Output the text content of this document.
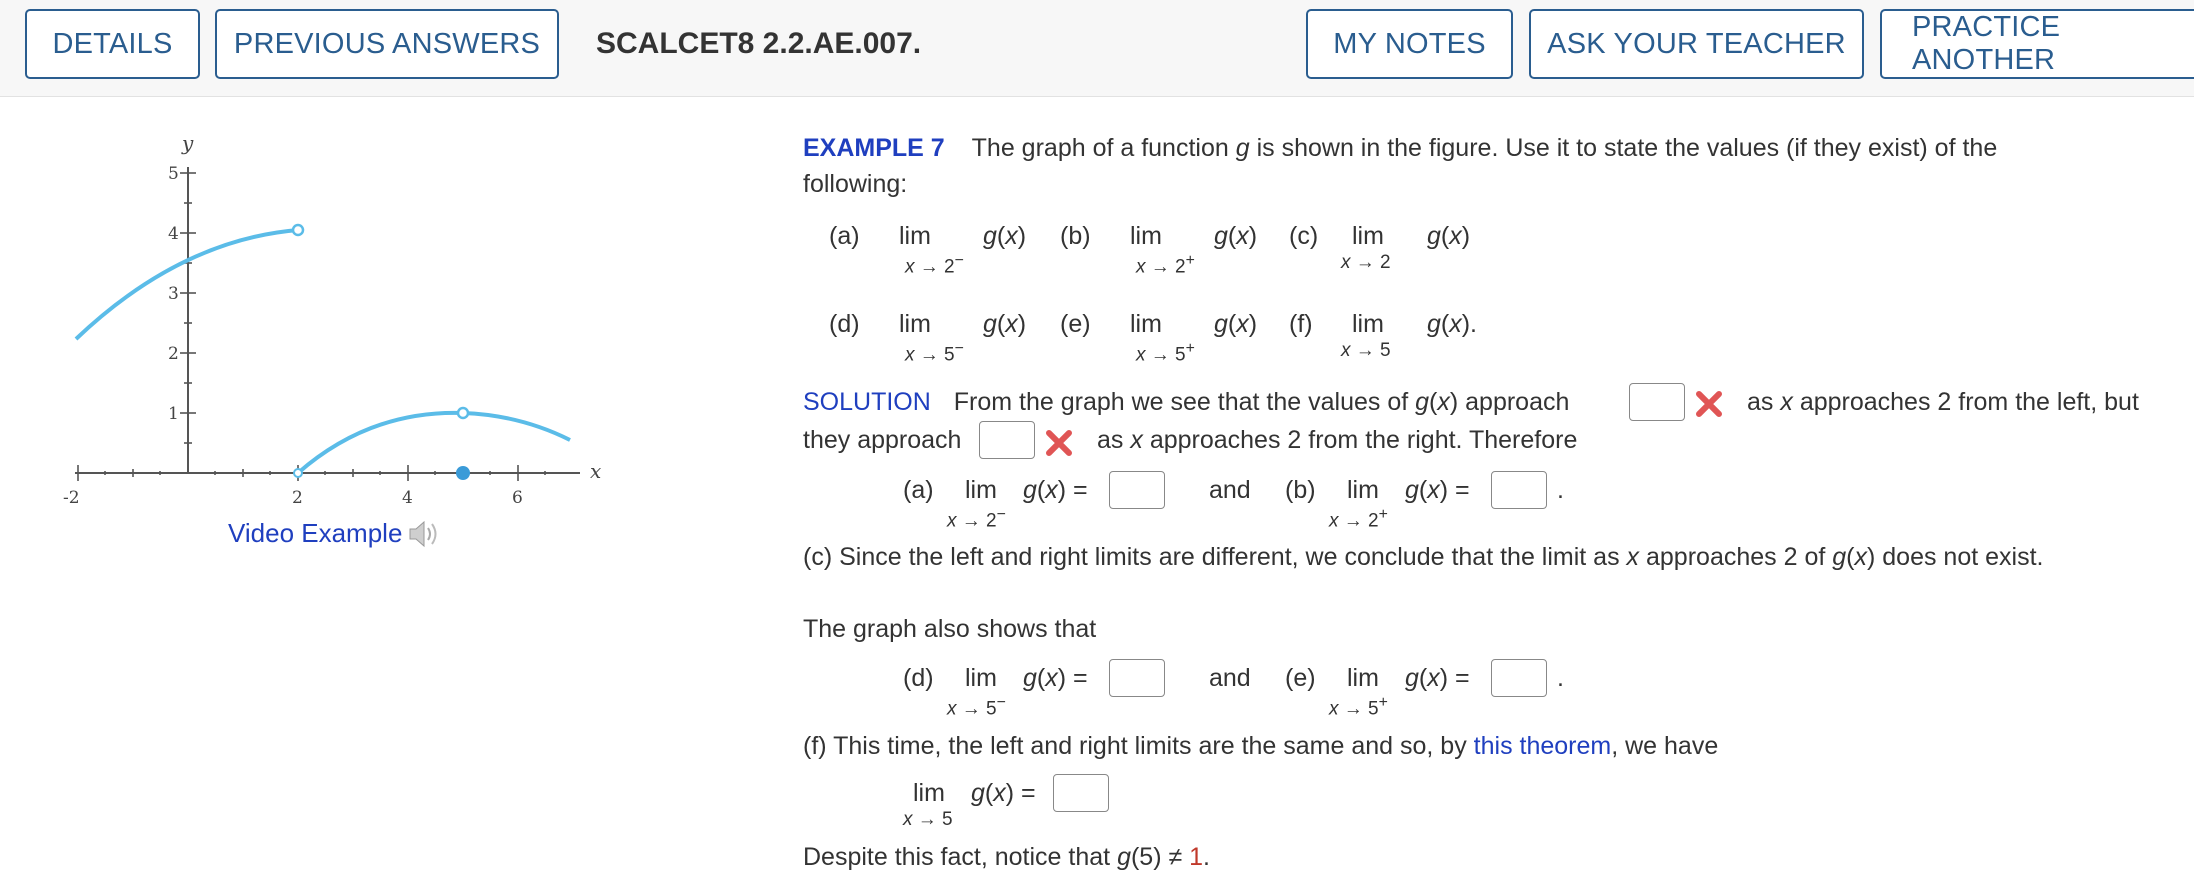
DETAILS	PREVIOUS ANSWERS	SCALCET8 2.2.AE.007.	MY NOTES	ASK YOUR TEACHER
PRACTICE ANOTHER
-2	2	4	6
1
2
3
4
5
y
x
Video Example
EXAMPLE 7 The graph of a function g is shown in the figure. Use it to state the values (if they exist) of the
following:
(a) lim
x → 2−
g(x) (b) lim
x → 2+
g(x) (c) lim
x → 2
g(x)
(d) lim
x → 5−
g(x) (e) lim
x → 5+
g(x) (f) lim
x → 5
g(x).
SOLUTION From the graph we see that the values of g(x) approach	as x approaches 2 from the left, but
they approach	as x approaches 2 from the right. Therefore
(a) lim
x → 2−
g(x) =	and (b) lim
x → 2+
g(x) =	.
(c) Since the left and right limits are different, we conclude that the limit as x approaches 2 of g(x) does not exist.
The graph also shows that
(d) lim
x → 5−
g(x) =	and (e) lim
x → 5+
g(x) =	.
(f) This time, the left and right limits are the same and so, by this theorem, we have
lim
x → 5
g(x) =
Despite this fact, notice that g(5) ≠ 1.
